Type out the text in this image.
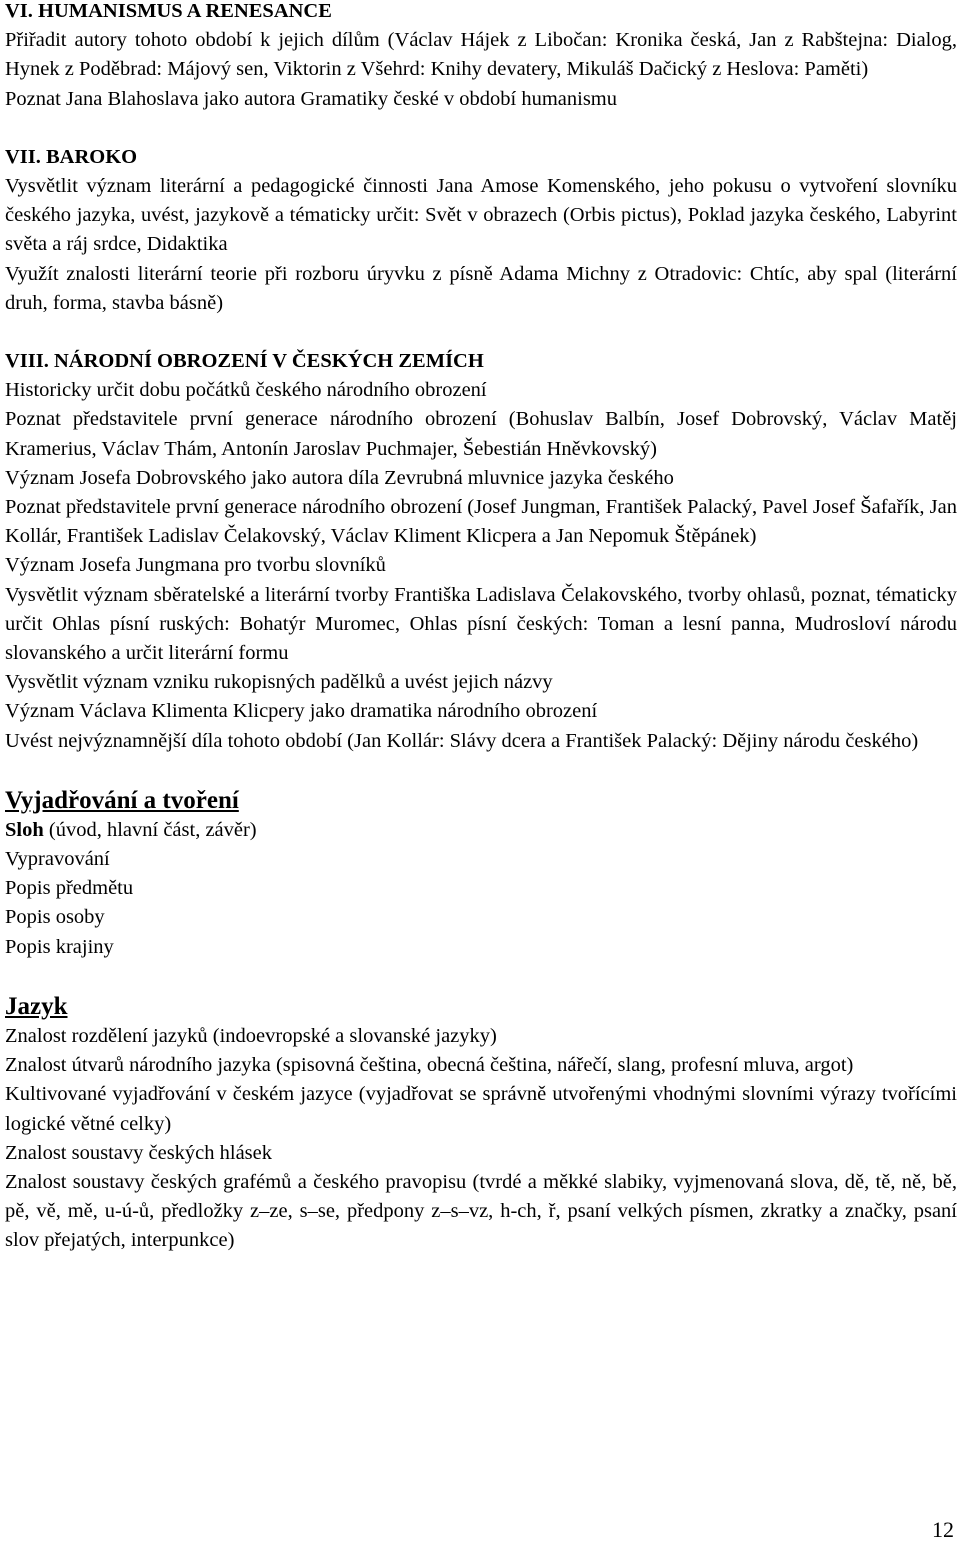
VI. HUMANISMUS A RENESANCE

Přiřadit autory tohoto období k jejich dílům (Václav Hájek z Libočan: Kronika česká, Jan z Rabštejna: Dialog, Hynek z Poděbrad: Májový sen, Viktorin z Všehrd: Knihy devatery, Mikuláš Dačický z Heslova: Paměti)

Poznat Jana Blahoslava jako autora Gramatiky české v období humanismu

VII. BAROKO

Vysvětlit význam literární a pedagogické činnosti Jana Amose Komenského, jeho pokusu o vytvoření slovníku českého jazyka, uvést, jazykově a tématicky určit: Svět v obrazech (Orbis pictus), Poklad jazyka českého, Labyrint světa a ráj srdce, Didaktika

Využít znalosti literární teorie při rozboru úryvku z písně Adama Michny z Otradovic: Chtíc, aby spal (literární druh, forma, stavba básně)

VIII. NÁRODNÍ OBROZENÍ V ČESKÝCH ZEMÍCH

Historicky určit dobu počátků českého národního obrození

Poznat představitele první generace národního obrození (Bohuslav Balbín, Josef Dobrovský, Václav Matěj Kramerius, Václav Thám, Antonín Jaroslav Puchmajer, Šebestián Hněvkovský)

Význam Josefa Dobrovského jako autora díla Zevrubná mluvnice jazyka českého

Poznat představitele první generace národního obrození (Josef Jungman, František Palacký, Pavel Josef Šafařík, Jan Kollár, František Ladislav Čelakovský, Václav Kliment Klicpera a Jan Nepomuk Štěpánek)

Význam Josefa Jungmana pro tvorbu slovníků

Vysvětlit význam sběratelské a literární tvorby Františka Ladislava Čelakovského, tvorby ohlasů, poznat, tématicky určit Ohlas písní ruských: Bohatýr Muromec, Ohlas písní českých: Toman a lesní panna, Mudrosloví národu slovanského a určit literární formu

Vysvětlit význam vzniku rukopisných padělků a uvést jejich názvy

Význam Václava Klimenta Klicpery jako dramatika národního obrození

Uvést nejvýznamnější díla tohoto období (Jan Kollár: Slávy dcera a František Palacký: Dějiny národu českého)

Vyjadřování a tvoření

Sloh (úvod, hlavní část, závěr)

Vypravování

Popis předmětu

Popis osoby

Popis krajiny

Jazyk

Znalost rozdělení jazyků (indoevropské a slovanské jazyky)

Znalost útvarů národního jazyka (spisovná čeština, obecná čeština, nářečí, slang, profesní mluva, argot)

Kultivované vyjadřování v českém jazyce (vyjadřovat se správně utvořenými vhodnými slovními výrazy tvořícími logické větné celky)

Znalost soustavy českých hlásek

Znalost soustavy českých grafémů a českého pravopisu (tvrdé a měkké slabiky, vyjmenovaná slova, dě, tě, ně, bě, pě, vě, mě, u-ú-ů, předložky z–ze, s–se, předpony z–s–vz, h-ch, ř, psaní velkých písmen, zkratky a značky, psaní slov přejatých, interpunkce)

12
